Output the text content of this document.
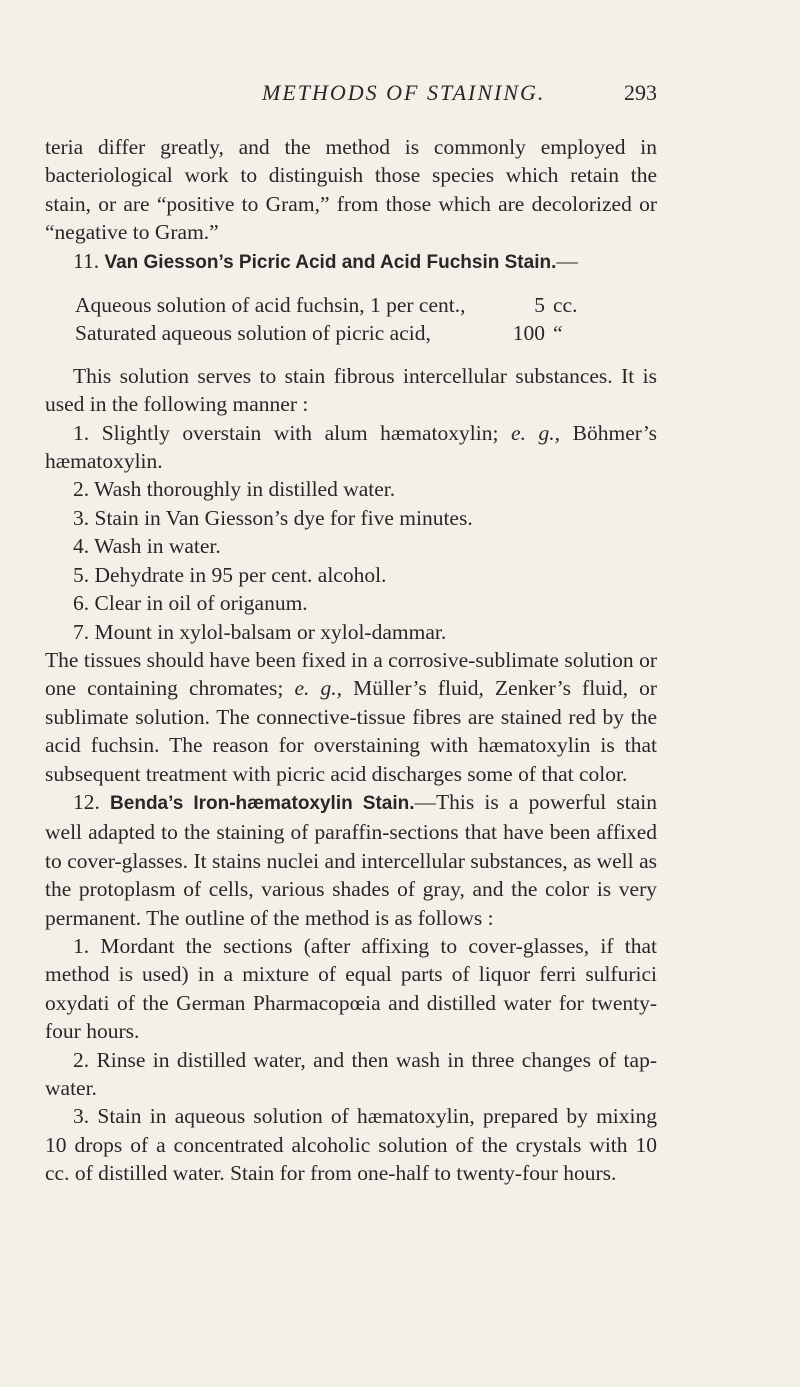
METHODS OF STAINING.	293

teria differ greatly, and the method is commonly employed in bacteriological work to distinguish those species which retain the stain, or are “positive to Gram,” from those which are decolorized or “negative to Gram.”

11. Van Giesson’s Picric Acid and Acid Fuchsin Stain.—

Aqueous solution of acid fuchsin, 1 per cent.,	5 cc.
Saturated aqueous solution of picric acid,	100 “

This solution serves to stain fibrous intercellular substances. It is used in the following manner :

1. Slightly overstain with alum hæmatoxylin; e. g., Böhmer’s hæmatoxylin.

2. Wash thoroughly in distilled water.

3. Stain in Van Giesson’s dye for five minutes.

4. Wash in water.

5. Dehydrate in 95 per cent. alcohol.

6. Clear in oil of origanum.

7. Mount in xylol-balsam or xylol-dammar.

The tissues should have been fixed in a corrosive-sublimate solution or one containing chromates; e. g., Müller’s fluid, Zenker’s fluid, or sublimate solution. The connective-tissue fibres are stained red by the acid fuchsin. The reason for overstaining with hæmatoxylin is that subsequent treatment with picric acid discharges some of that color.

12. Benda’s Iron-hæmatoxylin Stain.—This is a powerful stain well adapted to the staining of paraffin-sections that have been affixed to cover-glasses. It stains nuclei and intercellular substances, as well as the protoplasm of cells, various shades of gray, and the color is very permanent. The outline of the method is as follows :

1. Mordant the sections (after affixing to cover-glasses, if that method is used) in a mixture of equal parts of liquor ferri sulfurici oxydati of the German Pharmacopœia and distilled water for twenty-four hours.

2. Rinse in distilled water, and then wash in three changes of tap-water.

3. Stain in aqueous solution of hæmatoxylin, prepared by mixing 10 drops of a concentrated alcoholic solution of the crystals with 10 cc. of distilled water. Stain for from one-half to twenty-four hours.
